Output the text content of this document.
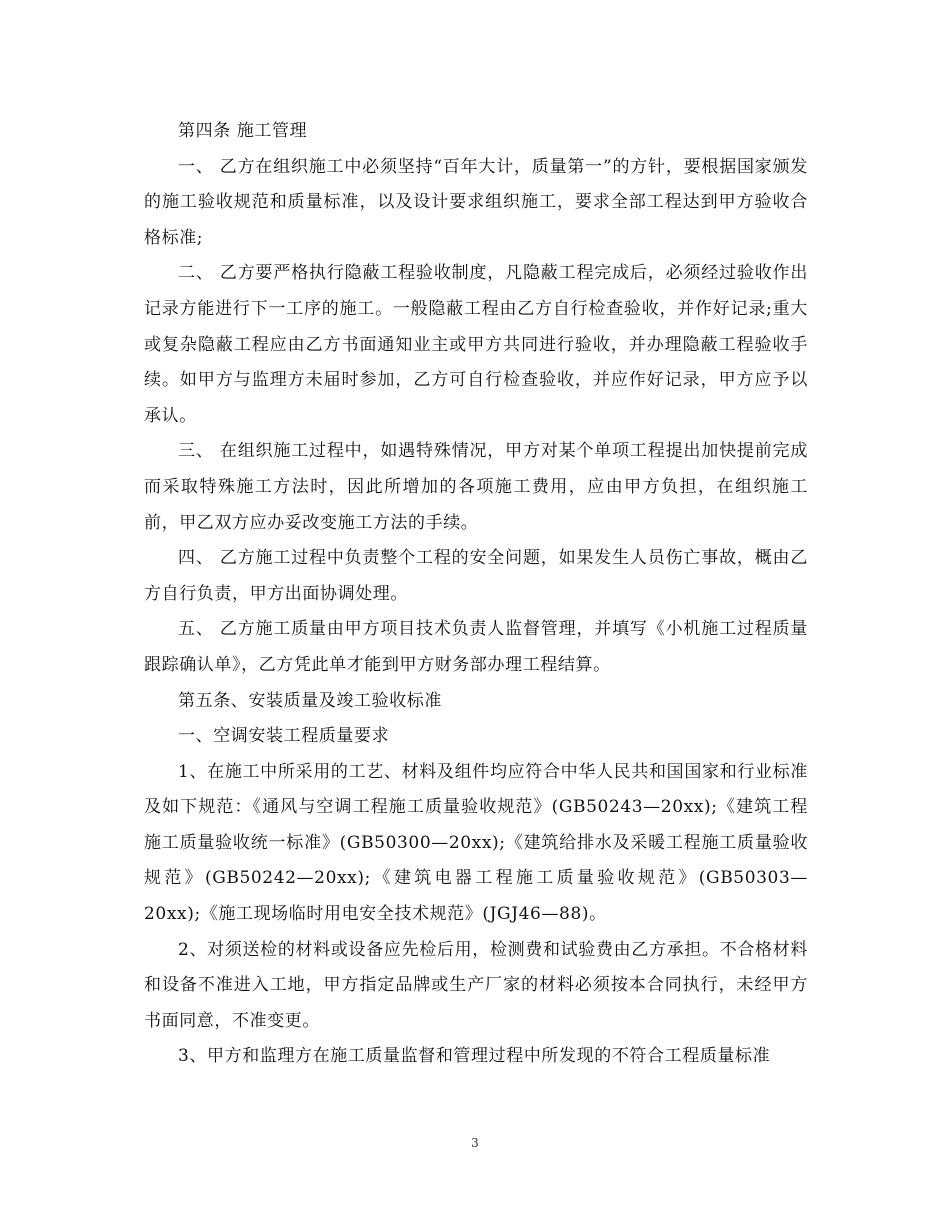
第四条 施工管理

一、 乙方在组织施工中必须坚持“百年大计，质量第一”的方针，要根据国家颁发的施工验收规范和质量标准，以及设计要求组织施工，要求全部工程达到甲方验收合格标准;

二、 乙方要严格执行隐蔽工程验收制度，凡隐蔽工程完成后，必须经过验收作出记录方能进行下一工序的施工。一般隐蔽工程由乙方自行检查验收，并作好记录;重大或复杂隐蔽工程应由乙方书面通知业主或甲方共同进行验收，并办理隐蔽工程验收手续。如甲方与监理方未届时参加，乙方可自行检查验收，并应作好记录，甲方应予以承认。

三、 在组织施工过程中，如遇特殊情况，甲方对某个单项工程提出加快提前完成而采取特殊施工方法时，因此所增加的各项施工费用，应由甲方负担，在组织施工前，甲乙双方应办妥改变施工方法的手续。

四、 乙方施工过程中负责整个工程的安全问题，如果发生人员伤亡事故，概由乙方自行负责，甲方出面协调处理。

五、 乙方施工质量由甲方项目技术负责人监督管理，并填写《小机施工过程质量跟踪确认单》，乙方凭此单才能到甲方财务部办理工程结算。

第五条、安装质量及竣工验收标准

一、空调安装工程质量要求

1、在施工中所采用的工艺、材料及组件均应符合中华人民共和国国家和行业标准及如下规范：《通风与空调工程施工质量验收规范》(GB50243—20xx);《建筑工程施工质量验收统一标准》(GB50300—20xx);《建筑给排水及采暖工程施工质量验收规范》(GB50242—20xx);《建筑电器工程施工质量验收规范》(GB50303—20xx);《施工现场临时用电安全技术规范》(JGJ46—88)。

2、对须送检的材料或设备应先检后用，检测费和试验费由乙方承担。不合格材料和设备不准进入工地，甲方指定品牌或生产厂家的材料必须按本合同执行，未经甲方书面同意，不准变更。

3、甲方和监理方在施工质量监督和管理过程中所发现的不符合工程质量标准

3
